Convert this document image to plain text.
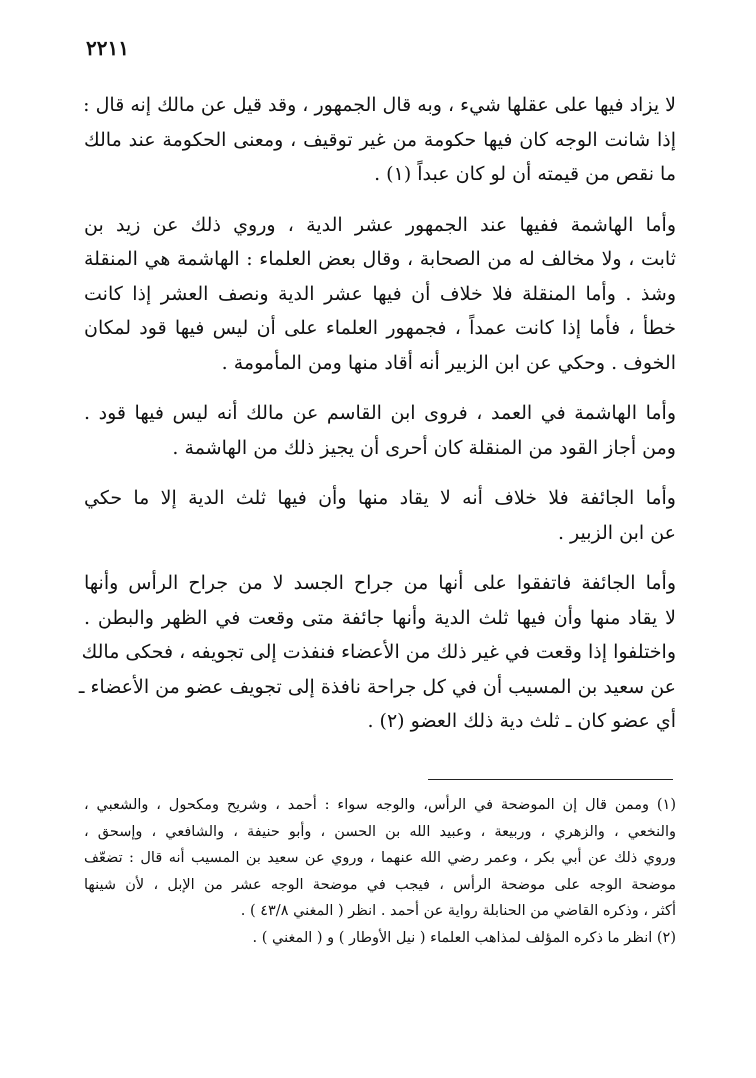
٢٢١١

لا يزاد فيها على عقلها شيء ، وبه قال الجمهور ، وقد قيل عن مالك إنه قال :
إذا شانت الوجه كان فيها حكومة من غير توقيف ، ومعنى الحكومة عند مالك
ما نقص من قيمته أن لو كان عبداً (١) .

وأما الهاشمة ففيها عند الجمهور عشر الدية ، وروي ذلك عن زيد بن
ثابت ، ولا مخالف له من الصحابة ، وقال بعض العلماء : الهاشمة هي المنقلة
وشذ . وأما المنقلة فلا خلاف أن فيها عشر الدية ونصف العشر إذا كانت
خطأ ، فأما إذا كانت عمداً ، فجمهور العلماء على أن ليس فيها قود لمكان
الخوف . وحكي عن ابن الزبير أنه أقاد منها ومن المأمومة .

وأما الهاشمة في العمد ، فروى ابن القاسم عن مالك أنه ليس فيها قود .
ومن أجاز القود من المنقلة كان أحرى أن يجيز ذلك من الهاشمة .

وأما الجائفة فلا خلاف أنه لا يقاد منها وأن فيها ثلث الدية إلا ما حكي
عن ابن الزبير .

وأما الجائفة فاتفقوا على أنها من جراح الجسد لا من جراح الرأس وأنها
لا يقاد منها وأن فيها ثلث الدية وأنها جائفة متى وقعت في الظهر والبطن .
واختلفوا إذا وقعت في غير ذلك من الأعضاء فنفذت إلى تجويفه ، فحكى مالك
عن سعيد بن المسيب أن في كل جراحة نافذة إلى تجويف عضو من الأعضاء ـ
أي عضو كان ـ ثلث دية ذلك العضو (٢) .

(١) وممن قال إن الموضحة في الرأس، والوجه سواء : أحمد ، وشريح ومكحول ، والشعبي ،
والنخعي ، والزهري ، وربيعة ، وعبيد الله بن الحسن ، وأبو حنيفة ، والشافعي ، وإسحق ،
وروي ذلك عن أبي بكر ، وعمر رضي الله عنهما ، وروي عن سعيد بن المسيب أنه قال : تضعّف
موضحة الوجه على موضحة الرأس ، فيجب في موضحة الوجه عشر من الإبل ، لأن شينها
أكثر ، وذكره القاضي من الحنابلة رواية عن أحمد . انظر ( المغني ٤٣/٨ ) .

(٢) انظر ما ذكره المؤلف لمذاهب العلماء ( نيل الأوطار ) و ( المغني ) .
